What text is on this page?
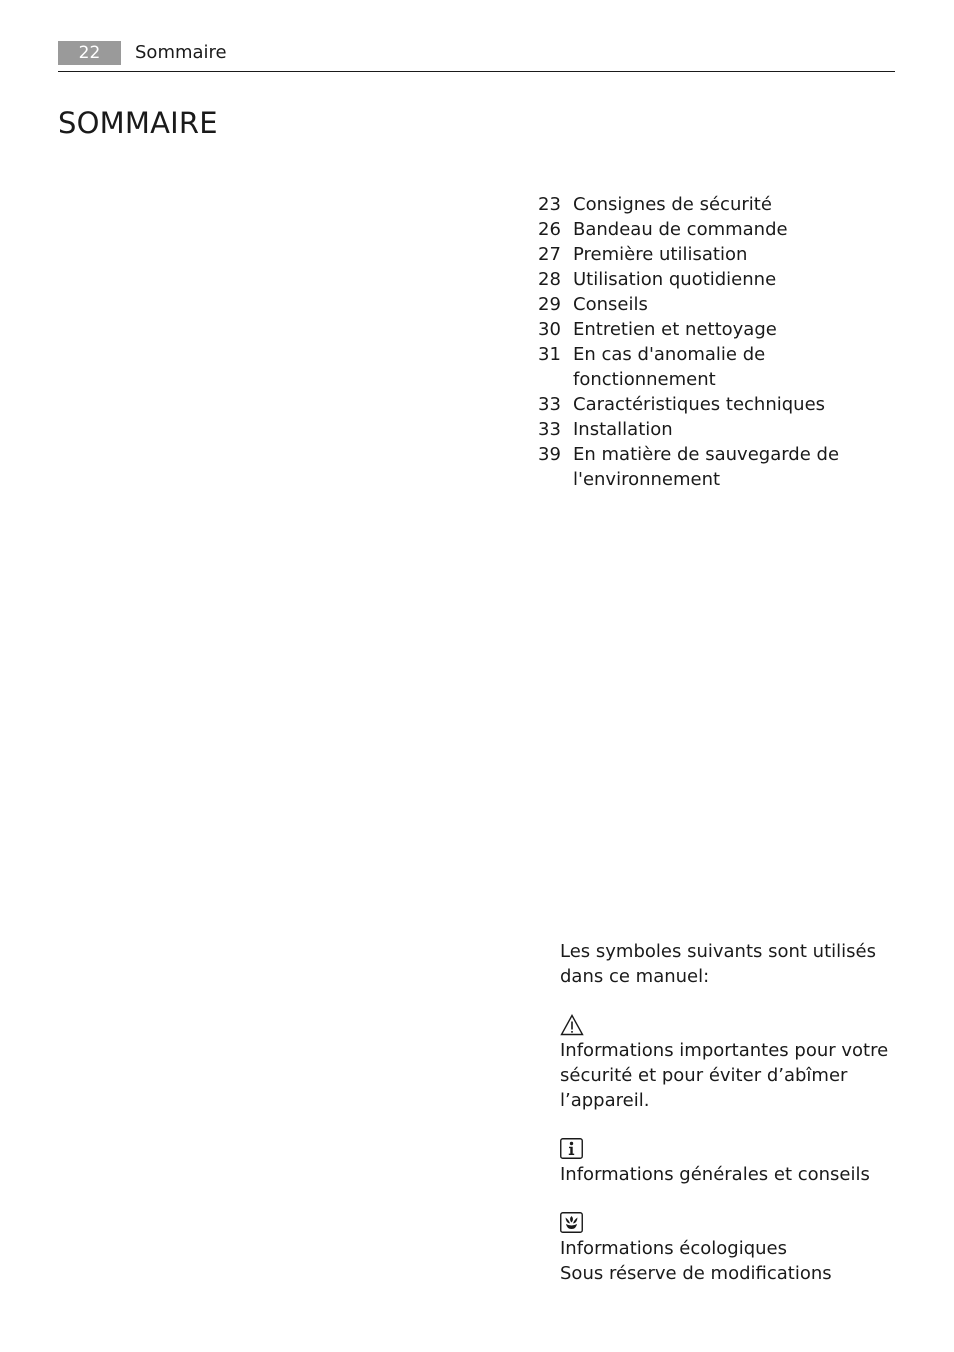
22	Sommaire
SOMMAIRE
23 Consignes de sécurité
26 Bandeau de commande
27 Première utilisation
28 Utilisation quotidienne
29 Conseils
30 Entretien et nettoyage
31 En cas d'anomalie de fonctionnement
33 Caractéristiques techniques
33 Installation
39 En matière de sauvegarde de l'environnement

Les symboles suivants sont utilisés dans ce manuel:

Informations importantes pour votre sécurité et pour éviter d’abîmer l’appareil.

Informations générales et conseils

Informations écologiques

Sous réserve de modifications
